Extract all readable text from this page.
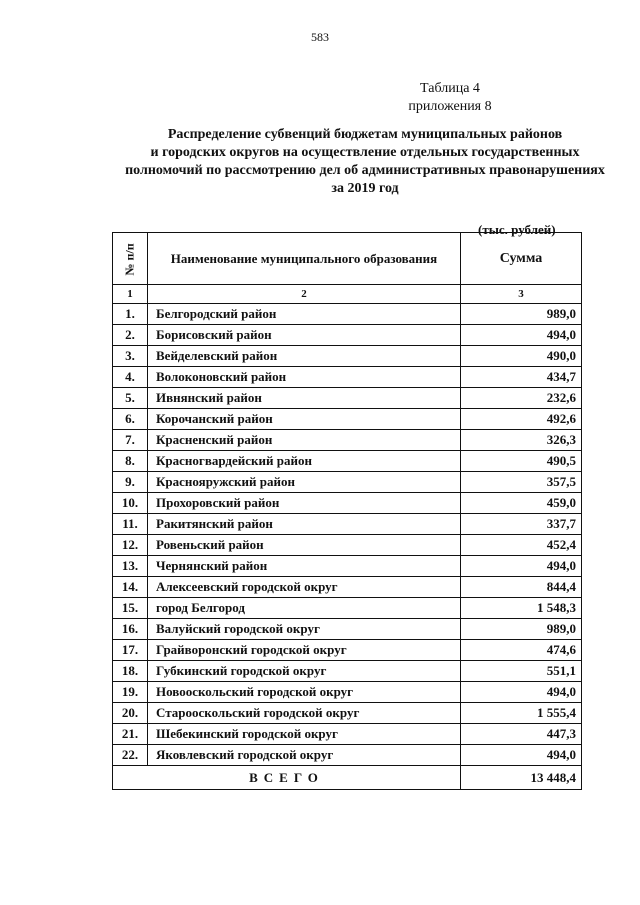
583
Таблица 4
приложения 8
Распределение субвенций бюджетам муниципальных районов
и городских округов на осуществление отдельных государственных
полномочий по рассмотрению дел об административных правонарушениях
за 2019 год
(тыс. рублей)
№ п/п	Наименование муниципального образования	Сумма
1	2	3
1.	Белгородский район	989,0
2.	Борисовский район	494,0
3.	Вейделевский район	490,0
4.	Волоконовский район	434,7
5.	Ивнянский район	232,6
6.	Корочанский район	492,6
7.	Красненский район	326,3
8.	Красногвардейский район	490,5
9.	Краснояружский район	357,5
10.	Прохоровский район	459,0
11.	Ракитянский район	337,7
12.	Ровеньский район	452,4
13.	Чернянский район	494,0
14.	Алексеевский городской округ	844,4
15.	город Белгород	1 548,3
16.	Валуйский городской округ	989,0
17.	Грайворонский городской округ	474,6
18.	Губкинский городской округ	551,1
19.	Новооскольский городской округ	494,0
20.	Старооскольский городской округ	1 555,4
21.	Шебекинский городской округ	447,3
22.	Яковлевский городской округ	494,0
ВСЕГО		13 448,4
